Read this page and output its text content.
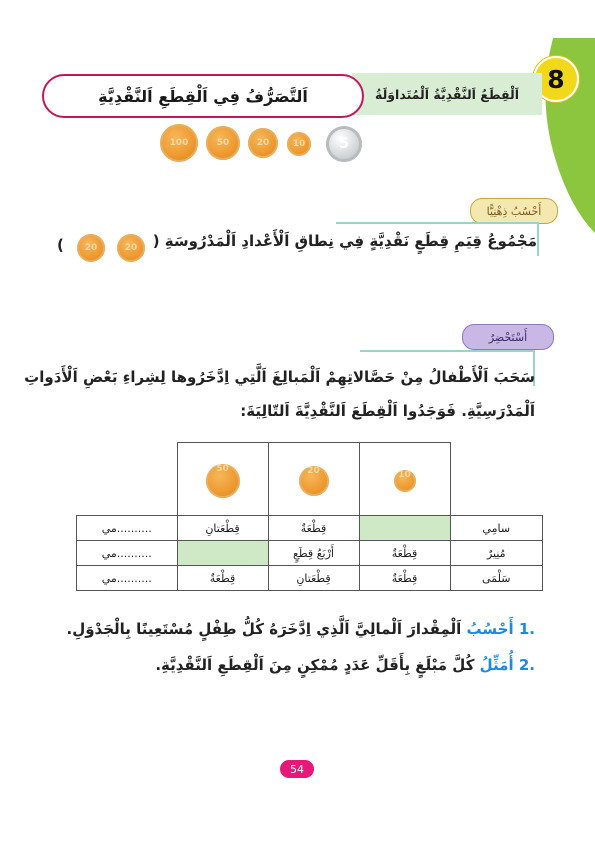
8
اَلْقِطَعُ اَلنَّقْدِيَّةُ اَلْمُتَداوَلَةُ
اَلتَّصَرُّفُ فِي اَلْقِطَعِ اَلنَّقْدِيَّةِ
100	50	20	10	5
أَحْسُبُ ذِهْنِيًّا
مَجْمُوعُ قِيَمِ قِطَعٍ نَقْدِيَّةٍ فِي نِطاقِ اَلْأَعْدادِ اَلْمَدْرُوسَةِ (
20
20
)
أَسْتَحْضِرُ
سَحَبَ اَلْأَطْفالُ مِنْ حَصَّالاتِهِمْ اَلْمَبالِغَ اَلَّتِي اِدَّخَرُوها لِشِراءِ بَعْضِ اَلْأَدَواتِ
اَلْمَدْرَسِيَّةِ. فَوَجَدُوا اَلْقِطَعَ اَلنَّقْدِيَّةَ اَلتّالِيَةَ:
	10	20	50	
سامِي		قِطْعَةٌ	قِطْعَتانِ	..........مي
مُنِيرٌ	قِطْعَةٌ	أَرْبَعُ قِطَعٍ		..........مي
سَلْمَى	قِطْعَةٌ	قِطْعَتانِ	قِطْعَةٌ	..........مي
.1 أَحْسُبُ اَلْمِقْدارَ اَلْمالِيَّ اَلَّذِي اِدَّخَرَهُ كُلُّ طِفْلٍ مُسْتَعِينًا بِالْجَدْوَلِ.
.2 أُمَثِّلُ كُلَّ مَبْلَغٍ بِأَقَلِّ عَدَدٍ مُمْكِنٍ مِنَ اَلْقِطَعِ اَلنَّقْدِيَّةِ.
54
